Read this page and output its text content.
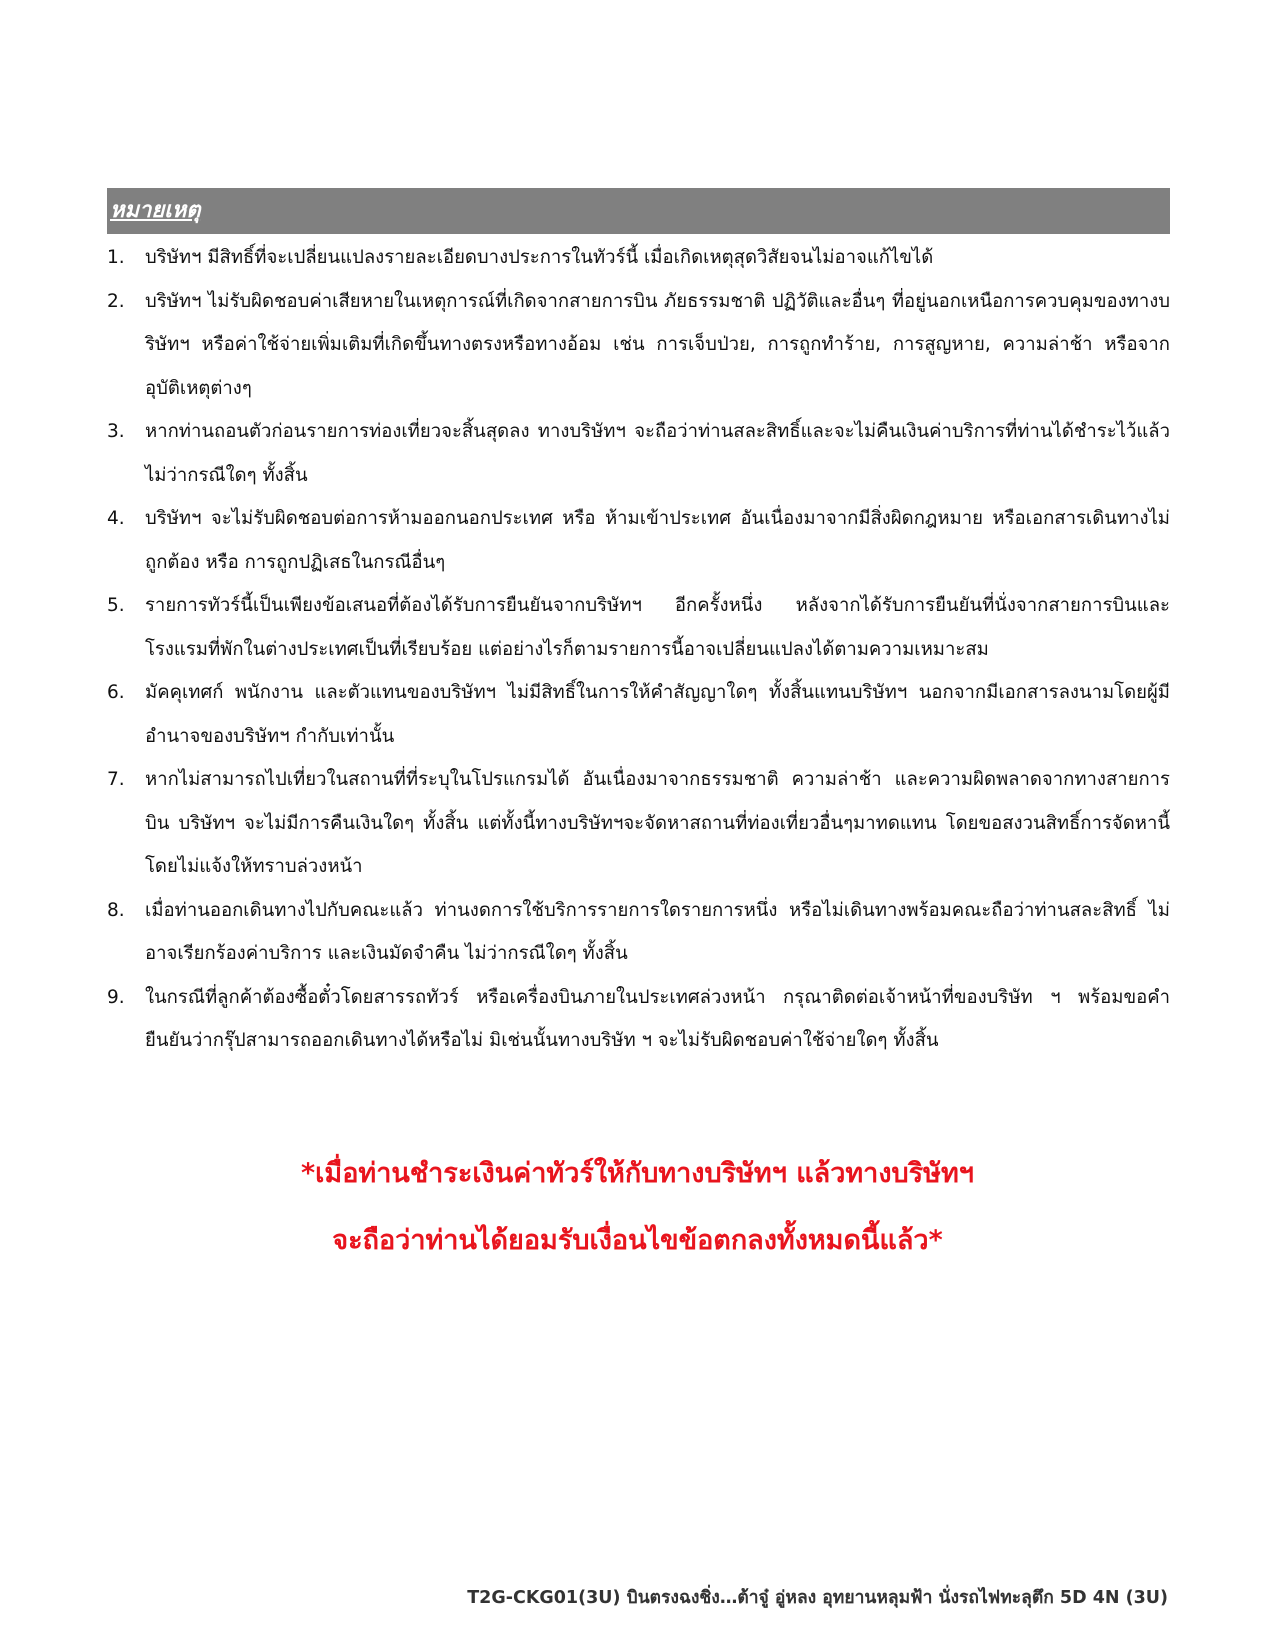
หมายเหตุ
1.	บริษัทฯ มีสิทธิ์ที่จะเปลี่ยนแปลงรายละเอียดบางประการในทัวร์นี้ เมื่อเกิดเหตุสุดวิสัยจนไม่อาจแก้ไขได้
2.	บริษัทฯ ไม่รับผิดชอบค่าเสียหายในเหตุการณ์ที่เกิดจากสายการบิน ภัยธรรมชาติ ปฏิวัติและอื่นๆ ที่อยู่นอกเหนือการควบคุมของทางบริษัทฯ หรือค่าใช้จ่ายเพิ่มเติมที่เกิดขึ้นทางตรงหรือทางอ้อม เช่น การเจ็บป่วย, การถูกทำร้าย, การสูญหาย, ความล่าช้า หรือจากอุบัติเหตุต่างๆ
3.	หากท่านถอนตัวก่อนรายการท่องเที่ยวจะสิ้นสุดลง ทางบริษัทฯ จะถือว่าท่านสละสิทธิ์และจะไม่คืนเงินค่าบริการที่ท่านได้ชำระไว้แล้วไม่ว่ากรณีใดๆ ทั้งสิ้น
4.	บริษัทฯ จะไม่รับผิดชอบต่อการห้ามออกนอกประเทศ หรือ ห้ามเข้าประเทศ อันเนื่องมาจากมีสิ่งผิดกฎหมาย หรือเอกสารเดินทางไม่ถูกต้อง หรือ การถูกปฏิเสธในกรณีอื่นๆ
5.	รายการทัวร์นี้เป็นเพียงข้อเสนอที่ต้องได้รับการยืนยันจากบริษัทฯ อีกครั้งหนึ่ง หลังจากได้รับการยืนยันที่นั่งจากสายการบินและโรงแรมที่พักในต่างประเทศเป็นที่เรียบร้อย แต่อย่างไรก็ตามรายการนี้อาจเปลี่ยนแปลงได้ตามความเหมาะสม
6.	มัคคุเทศก์ พนักงาน และตัวแทนของบริษัทฯ ไม่มีสิทธิ์ในการให้คำสัญญาใดๆ ทั้งสิ้นแทนบริษัทฯ นอกจากมีเอกสารลงนามโดยผู้มีอำนาจของบริษัทฯ กำกับเท่านั้น
7.	หากไม่สามารถไปเที่ยวในสถานที่ที่ระบุในโปรแกรมได้ อันเนื่องมาจากธรรมชาติ ความล่าช้า และความผิดพลาดจากทางสายการบิน บริษัทฯ จะไม่มีการคืนเงินใดๆ ทั้งสิ้น แต่ทั้งนี้ทางบริษัทฯจะจัดหาสถานที่ท่องเที่ยวอื่นๆมาทดแทน โดยขอสงวนสิทธิ์การจัดหานี้โดยไม่แจ้งให้ทราบล่วงหน้า
8.	เมื่อท่านออกเดินทางไปกับคณะแล้ว ท่านงดการใช้บริการรายการใดรายการหนึ่ง หรือไม่เดินทางพร้อมคณะถือว่าท่านสละสิทธิ์ ไม่อาจเรียกร้องค่าบริการ และเงินมัดจำคืน ไม่ว่ากรณีใดๆ ทั้งสิ้น
9.	ในกรณีที่ลูกค้าต้องซื้อตั๋วโดยสารรถทัวร์ หรือเครื่องบินภายในประเทศล่วงหน้า กรุณาติดต่อเจ้าหน้าที่ของบริษัท ฯ พร้อมขอคำยืนยันว่ากรุ๊ปสามารถออกเดินทางได้หรือไม่ มิเช่นนั้นทางบริษัท ฯ จะไม่รับผิดชอบค่าใช้จ่ายใดๆ ทั้งสิ้น
*เมื่อท่านชำระเงินค่าทัวร์ให้กับทางบริษัทฯ แล้วทางบริษัทฯ
จะถือว่าท่านได้ยอมรับเงื่อนไขข้อตกลงทั้งหมดนี้แล้ว*
T2G-CKG01(3U) บินตรงฉงชิ่ง…ต้าจู๋ อู่หลง อุทยานหลุมฟ้า นั่งรถไฟทะลุตึก 5D 4N (3U)
